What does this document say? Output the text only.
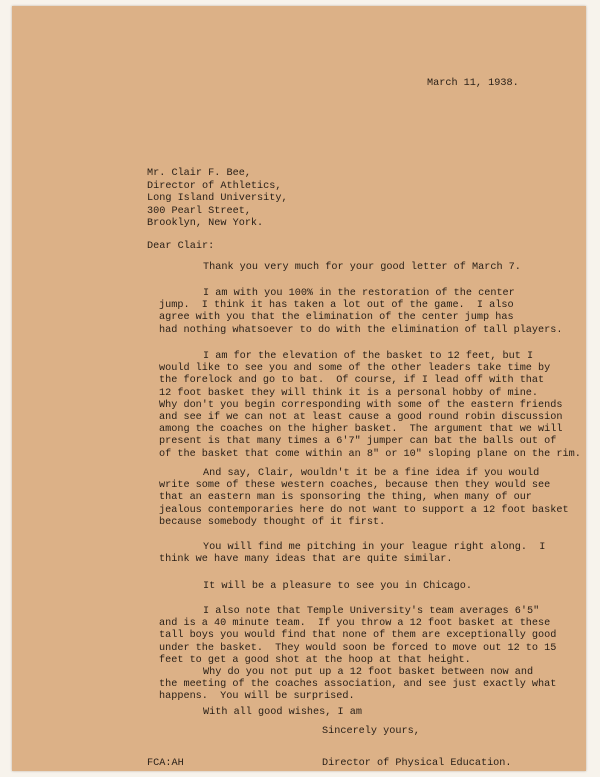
March 11, 1938.
Mr. Clair F. Bee,
Director of Athletics,
Long Island University,
300 Pearl Street,
Brooklyn, New York.
Dear Clair:
Thank you very much for your good letter of March 7.
I am with you 100% in the restoration of the center
jump.  I think it has taken a lot out of the game.  I also
agree with you that the elimination of the center jump has
had nothing whatsoever to do with the elimination of tall players.
I am for the elevation of the basket to 12 feet, but I
would like to see you and some of the other leaders take time by
the forelock and go to bat.  Of course, if I lead off with that
12 foot basket they will think it is a personal hobby of mine.
Why don't you begin corresponding with some of the eastern friends
and see if we can not at least cause a good round robin discussion
among the coaches on the higher basket.  The argument that we will
present is that many times a 6'7" jumper can bat the balls out of
of the basket that come within an 8" or 10" sloping plane on the rim.
And say, Clair, wouldn't it be a fine idea if you would
write some of these western coaches, because then they would see
that an eastern man is sponsoring the thing, when many of our
jealous contemporaries here do not want to support a 12 foot basket
because somebody thought of it first.
You will find me pitching in your league right along.  I
think we have many ideas that are quite similar.
It will be a pleasure to see you in Chicago.
I also note that Temple University's team averages 6'5"
and is a 40 minute team.  If you throw a 12 foot basket at these
tall boys you would find that none of them are exceptionally good
under the basket.  They would soon be forced to move out 12 to 15
feet to get a good shot at the hoop at that height.
Why do you not put up a 12 foot basket between now and
the meeting of the coaches association, and see just exactly what
happens.  You will be surprised.
With all good wishes, I am
Sincerely yours,
FCA:AH	Director of Physical Education.
